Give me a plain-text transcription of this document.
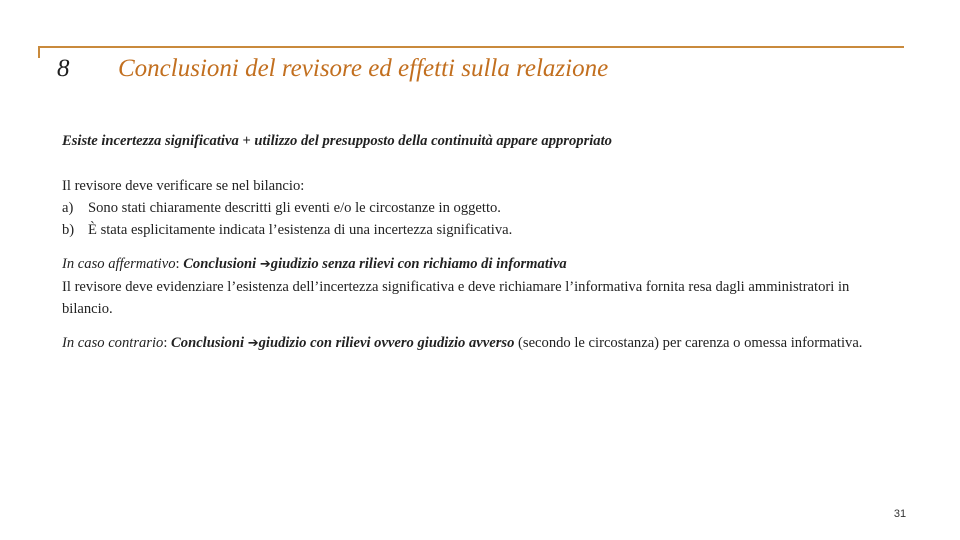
8 Conclusioni del revisore ed effetti sulla relazione

Esiste incertezza significativa + utilizzo del presupposto della continuità appare appropriato

Il revisore deve verificare se nel bilancio:

a) Sono stati chiaramente descritti gli eventi e/o le circostanze in oggetto.
b) È stata esplicitamente indicata l’esistenza di una incertezza significativa.

In caso affermativo: Conclusioni ➔giudizio senza rilievi con richiamo di informativa
Il revisore deve evidenziare l’esistenza dell’incertezza significativa e deve richiamare l’informativa fornita resa dagli amministratori in bilancio.

In caso contrario: Conclusioni ➔giudizio con rilievi ovvero giudizio avverso (secondo le circostanza) per carenza o omessa informativa.

31
